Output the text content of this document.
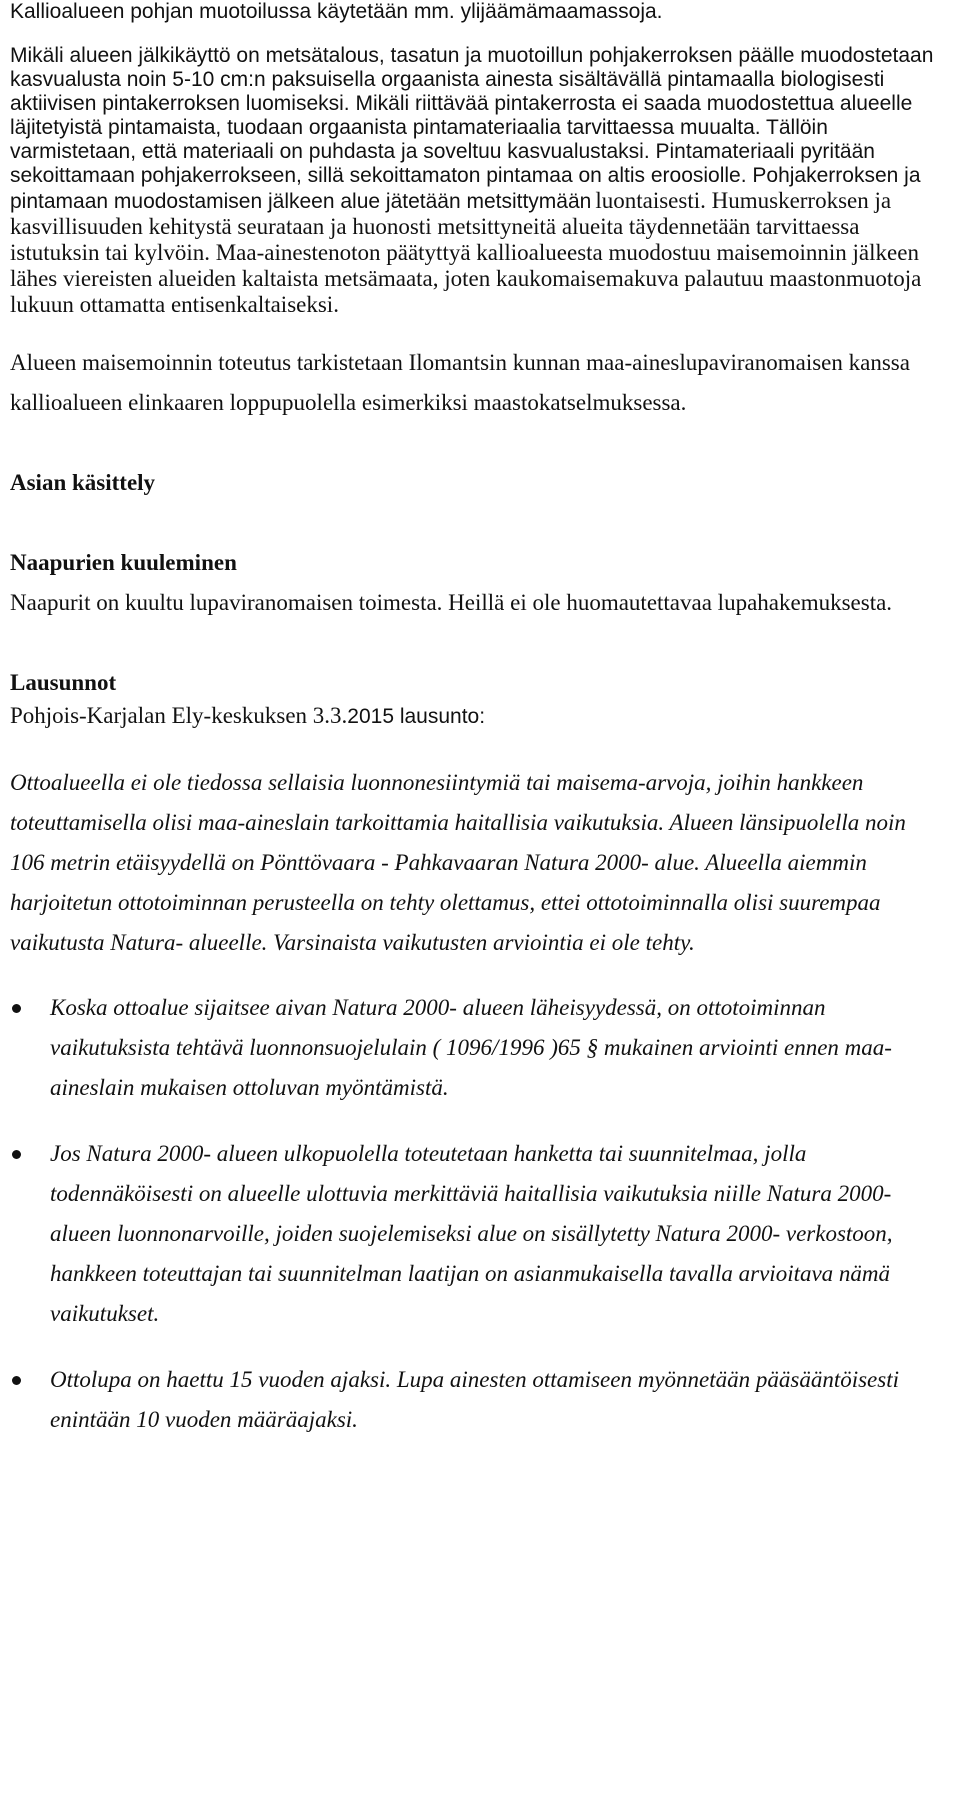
Kallioalueen pohjan muotoilussa käytetään mm. ylijäämämaamassoja.

Mikäli alueen jälkikäyttö on metsätalous, tasatun ja muotoillun pohjakerroksen päälle muodostetaan kasvualusta noin 5-10 cm:n paksuisella orgaanista ainesta sisältävällä pintamaalla biologisesti aktiivisen pintakerroksen luomiseksi. Mikäli riittävää pintakerrosta ei saada muodostettua alueelle läjitetyistä pintamaista, tuodaan orgaanista pintamateriaalia tarvittaessa muualta. Tällöin varmistetaan, että materiaali on puhdasta ja soveltuu kasvualustaksi. Pintamateriaali pyritään sekoittamaan pohjakerrokseen, sillä sekoittamaton pintamaa on altis eroosiolle. Pohjakerroksen ja pintamaan muodostamisen jälkeen alue jätetään metsittymään luontaisesti. Humuskerroksen ja kasvillisuuden kehitystä seurataan ja huonosti metsittyneitä alueita täydennetään tarvittaessa istutuksin tai kylvöin. Maa-ainestenoton päätyttyä kallioalueesta muodostuu maisemoinnin jälkeen lähes viereisten alueiden kaltaista metsämaata, joten kaukomaisemakuva palautuu maastonmuotoja lukuun ottamatta entisenkaltaiseksi.

Alueen maisemoinnin toteutus tarkistetaan Ilomantsin kunnan maa-aineslupaviranomaisen kanssa kallioalueen elinkaaren loppupuolella esimerkiksi maastokatselmuksessa.

Asian käsittely

Naapurien kuuleminen

Naapurit on kuultu lupaviranomaisen toimesta. Heillä ei ole huomautettavaa lupahakemuksesta.

Lausunnot

Pohjois-Karjalan Ely-keskuksen 3.3.2015 lausunto:

Ottoalueella ei ole tiedossa sellaisia luonnonesiintymiä tai maisema-arvoja, joihin hankkeen toteuttamisella olisi maa-aineslain tarkoittamia haitallisia vaikutuksia. Alueen länsipuolella noin 106 metrin etäisyydellä on Pönttövaara - Pahkavaaran Natura 2000- alue. Alueella aiemmin harjoitetun ottotoiminnan perusteella on tehty olettamus, ettei ottotoiminnalla olisi suurempaa vaikutusta Natura- alueelle. Varsinaista vaikutusten arviointia ei ole tehty.

Koska ottoalue sijaitsee aivan Natura 2000- alueen läheisyydessä, on ottotoiminnan vaikutuksista tehtävä luonnonsuojelulain ( 1096/1996 )65 § mukainen arviointi ennen maa-aineslain mukaisen ottoluvan myöntämistä.
Jos Natura 2000- alueen ulkopuolella toteutetaan hanketta tai suunnitelmaa, jolla todennäköisesti on alueelle ulottuvia merkittäviä haitallisia vaikutuksia niille Natura 2000- alueen luonnonarvoille, joiden suojelemiseksi alue on sisällytetty Natura 2000- verkostoon, hankkeen toteuttajan tai suunnitelman laatijan on asianmukaisella tavalla arvioitava nämä vaikutukset.
Ottolupa on haettu 15 vuoden ajaksi. Lupa ainesten ottamiseen myönnetään pääsääntöisesti enintään 10 vuoden määräajaksi.
